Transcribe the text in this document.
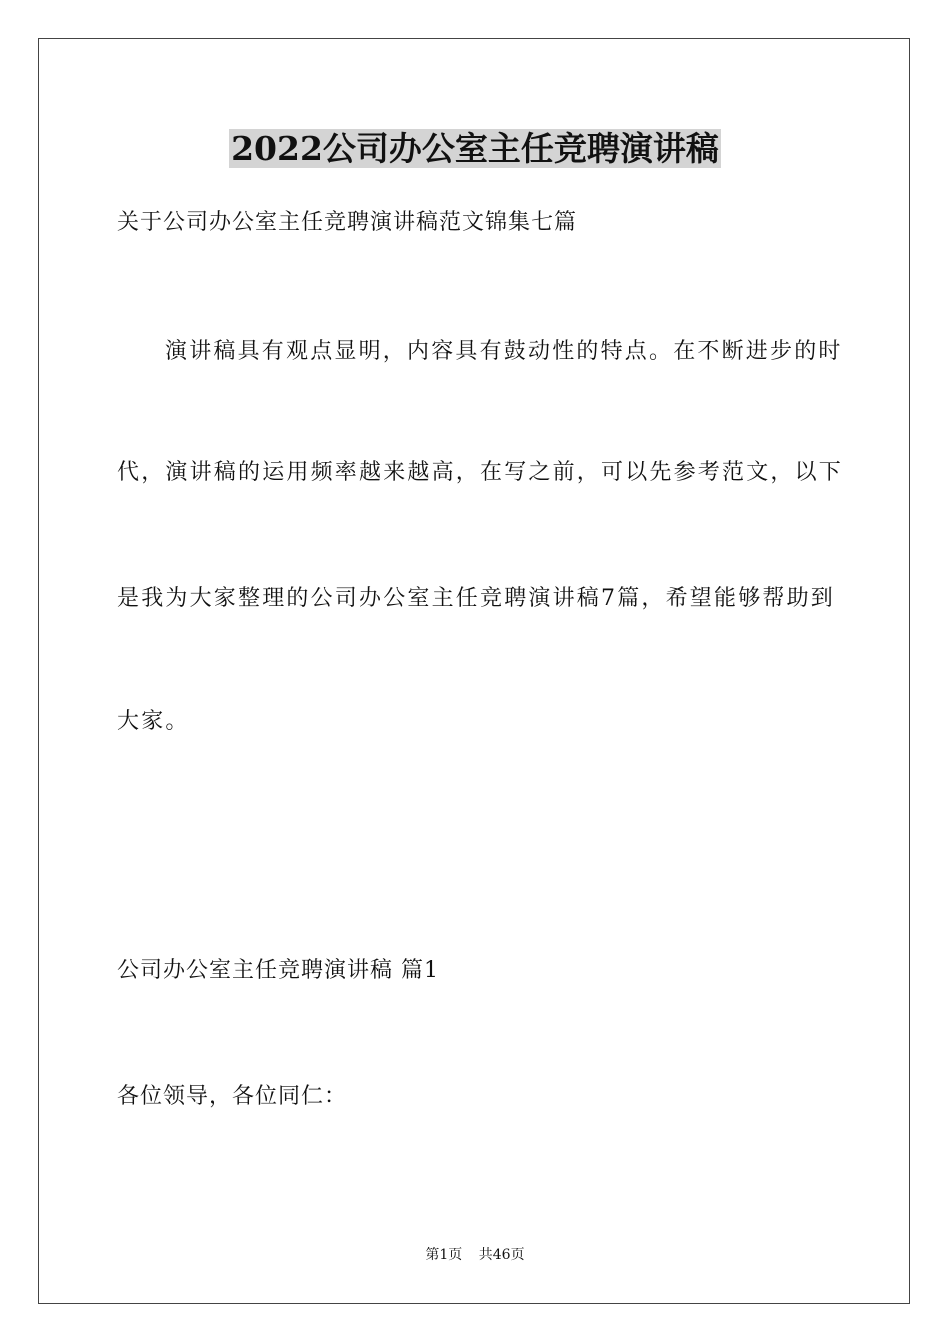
2022公司办公室主任竞聘演讲稿

关于公司办公室主任竞聘演讲稿范文锦集七篇

演讲稿具有观点显明，内容具有鼓动性的特点。在不断进步的时

代，演讲稿的运用频率越来越高，在写之前，可以先参考范文，以下

是我为大家整理的公司办公室主任竞聘演讲稿7篇，希望能够帮助到

大家。

公司办公室主任竞聘演讲稿 篇1

各位领导，各位同仁：

第1页 共46页
